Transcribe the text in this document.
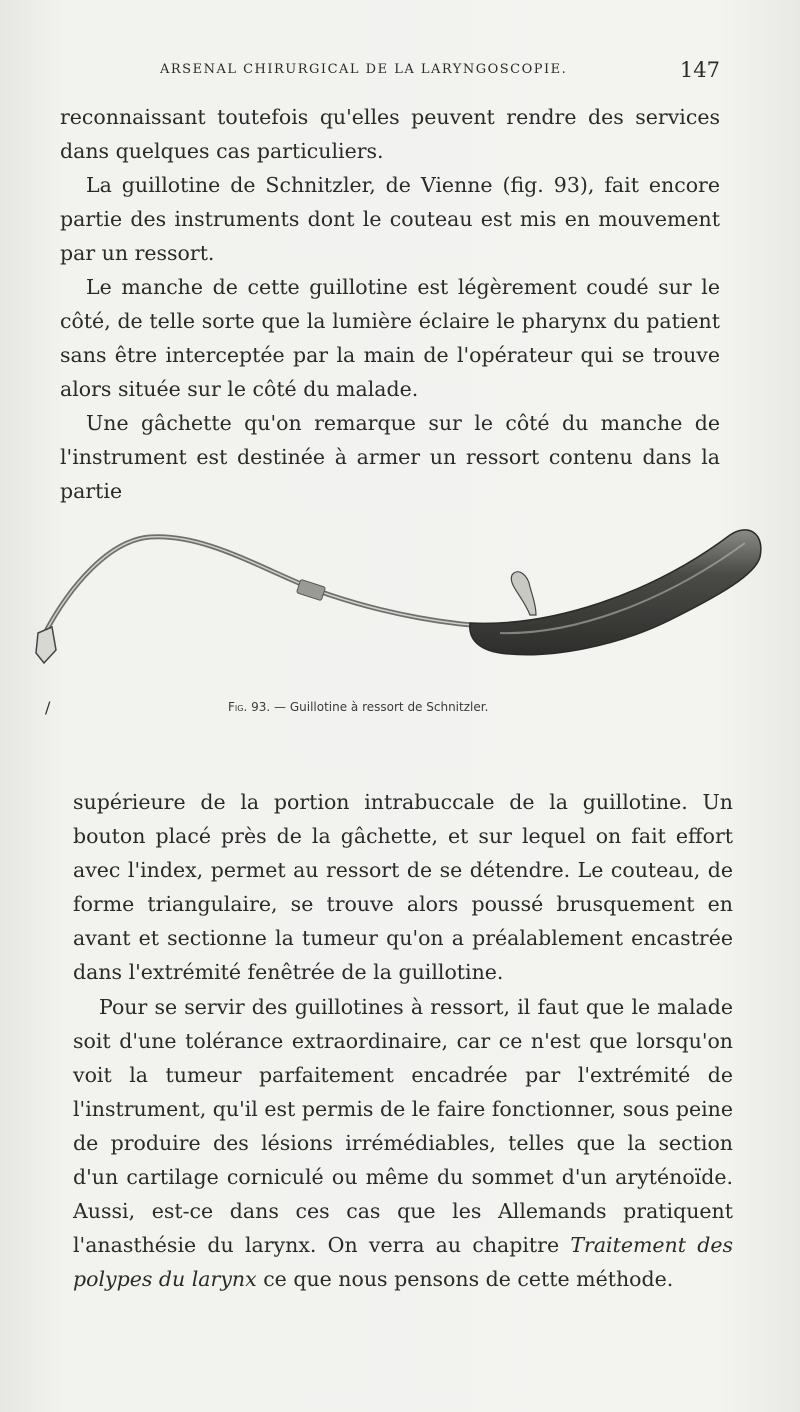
ARSENAL CHIRURGICAL DE LA LARYNGOSCOPIE.	147

reconnaissant toutefois qu'elles peuvent rendre des services dans quelques cas particuliers.

La guillotine de Schnitzler, de Vienne (fig. 93), fait encore partie des instruments dont le couteau est mis en mouvement par un ressort.

Le manche de cette guillotine est légèrement coudé sur le côté, de telle sorte que la lumière éclaire le pharynx du patient sans être interceptée par la main de l'opérateur qui se trouve alors située sur le côté du malade.

Une gâchette qu'on remarque sur le côté du manche de l'instrument est destinée à armer un ressort contenu dans la partie

/	Fig. 93. — Guillotine à ressort de Schnitzler.

supérieure de la portion intrabuccale de la guillotine. Un bouton placé près de la gâchette, et sur lequel on fait effort avec l'index, permet au ressort de se détendre. Le couteau, de forme triangulaire, se trouve alors poussé brusquement en avant et sectionne la tumeur qu'on a préalablement encastrée dans l'extrémité fenêtrée de la guillotine.

Pour se servir des guillotines à ressort, il faut que le malade soit d'une tolérance extraordinaire, car ce n'est que lorsqu'on voit la tumeur parfaitement encadrée par l'extrémité de l'instrument, qu'il est permis de le faire fonctionner, sous peine de produire des lésions irrémédiables, telles que la section d'un cartilage corniculé ou même du sommet d'un aryténoïde. Aussi, est-ce dans ces cas que les Allemands pratiquent l'anasthésie du larynx. On verra au chapitre Traitement des polypes du larynx ce que nous pensons de cette méthode.
